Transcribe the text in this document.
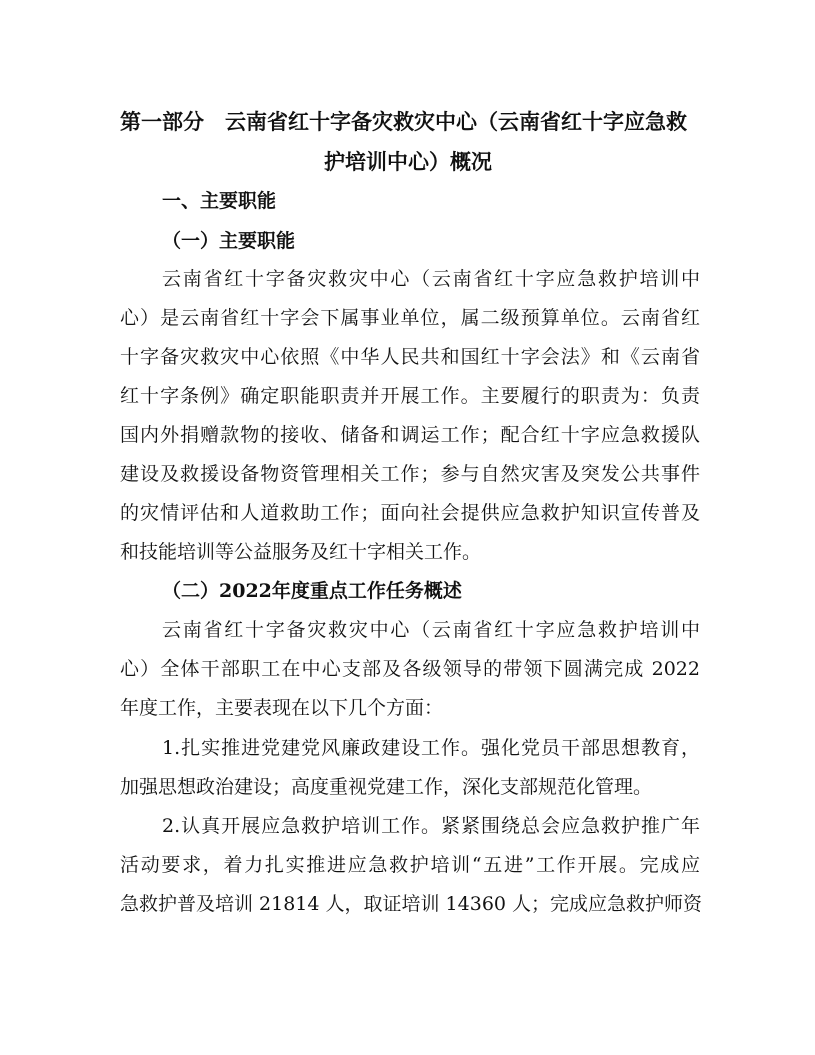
第一部分　云南省红十字备灾救灾中心（云南省红十字应急救
护培训中心）概况
一、主要职能
（一）主要职能
云南省红十字备灾救灾中心（云南省红十字应急救护培训中
心）是云南省红十字会下属事业单位，属二级预算单位。云南省红
十字备灾救灾中心依照《中华人民共和国红十字会法》和《云南省
红十字条例》确定职能职责并开展工作。主要履行的职责为：负责
国内外捐赠款物的接收、储备和调运工作；配合红十字应急救援队
建设及救援设备物资管理相关工作；参与自然灾害及突发公共事件
的灾情评估和人道救助工作；面向社会提供应急救护知识宣传普及
和技能培训等公益服务及红十字相关工作。
（二）2022年度重点工作任务概述
云南省红十字备灾救灾中心（云南省红十字应急救护培训中
心）全体干部职工在中心支部及各级领导的带领下圆满完成 2022
年度工作，主要表现在以下几个方面：
1.扎实推进党建党风廉政建设工作。强化党员干部思想教育，
加强思想政治建设；高度重视党建工作，深化支部规范化管理。
2.认真开展应急救护培训工作。紧紧围绕总会应急救护推广年
活动要求，着力扎实推进应急救护培训“五进”工作开展。完成应
急救护普及培训 21814 人，取证培训 14360 人；完成应急救护师资
